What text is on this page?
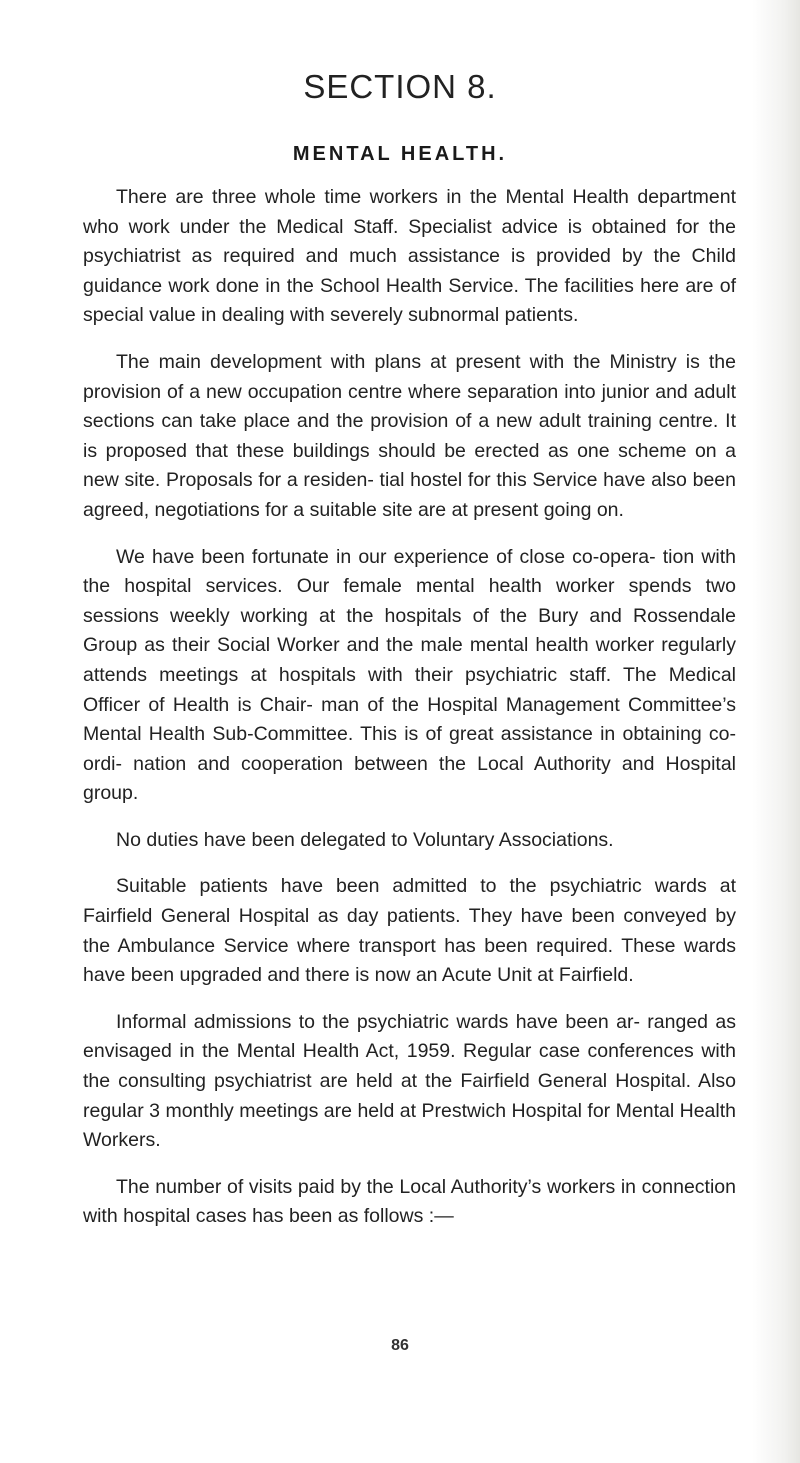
SECTION 8.
MENTAL HEALTH.

There are three whole time workers in the Mental Health department who work under the Medical Staff. Specialist advice is obtained for the psychiatrist as required and much assistance is provided by the Child guidance work done in the School Health Service. The facilities here are of special value in dealing with severely subnormal patients.

The main development with plans at present with the Ministry is the provision of a new occupation centre where separation into junior and adult sections can take place and the provision of a new adult training centre. It is proposed that these buildings should be erected as one scheme on a new site. Proposals for a residen- tial hostel for this Service have also been agreed, negotiations for a suitable site are at present going on.

We have been fortunate in our experience of close co-opera- tion with the hospital services. Our female mental health worker spends two sessions weekly working at the hospitals of the Bury and Rossendale Group as their Social Worker and the male mental health worker regularly attends meetings at hospitals with their psychiatric staff. The Medical Officer of Health is Chair- man of the Hospital Management Committee’s Mental Health Sub-Committee. This is of great assistance in obtaining co-ordi- nation and cooperation between the Local Authority and Hospital group.

No duties have been delegated to Voluntary Associations.

Suitable patients have been admitted to the psychiatric wards at Fairfield General Hospital as day patients. They have been conveyed by the Ambulance Service where transport has been required. These wards have been upgraded and there is now an Acute Unit at Fairfield.

Informal admissions to the psychiatric wards have been ar- ranged as envisaged in the Mental Health Act, 1959. Regular case conferences with the consulting psychiatrist are held at the Fairfield General Hospital. Also regular 3 monthly meetings are held at Prestwich Hospital for Mental Health Workers.

The number of visits paid by the Local Authority’s workers in connection with hospital cases has been as follows :—

86
